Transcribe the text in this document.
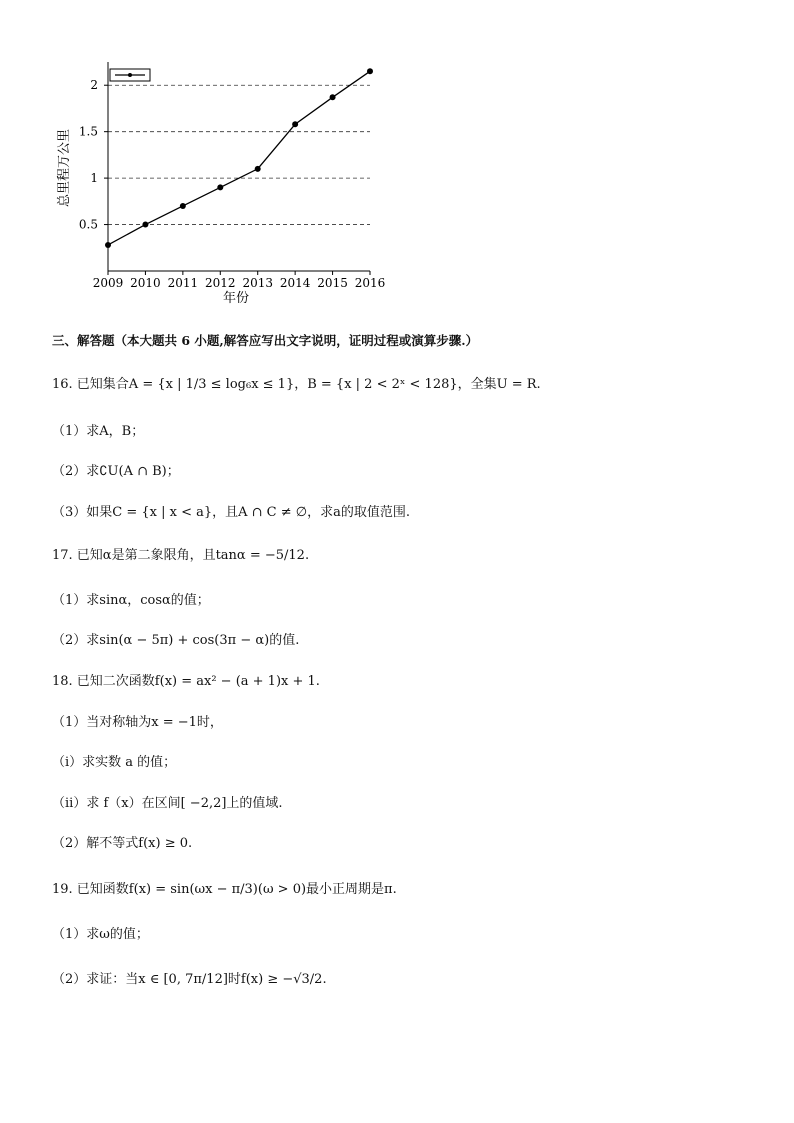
0.5
1
1.5
2
2009 2010 2011 2012 2013 2014 2015 2016
总里程万公里
年份
三、解答题（本大题共 6 小题,解答应写出文字说明，证明过程或演算步骤.）
16. 已知集合A = {x | 1/3 ≤ log₆x ≤ 1}，B = {x | 2 < 2ˣ < 128}，全集U = R.
（1）求A，B；
（2）求∁U(A ∩ B)；
（3）如果C = {x | x < a}，且A ∩ C ≠ ∅，求a的取值范围.
17. 已知α是第二象限角，且tanα = −5/12.
（1）求sinα，cosα的值；
（2）求sin(α − 5π) + cos(3π − α)的值.
18. 已知二次函数f(x) = ax² − (a + 1)x + 1.
（1）当对称轴为x = −1时，
（i）求实数 a 的值；
（ii）求 f（x）在区间[ −2,2]上的值域.
（2）解不等式f(x) ≥ 0.
19. 已知函数f(x) = sin(ωx − π/3)(ω > 0)最小正周期是π.
（1）求ω的值；
（2）求证：当x ∈ [0, 7π/12]时f(x) ≥ −√3/2.
